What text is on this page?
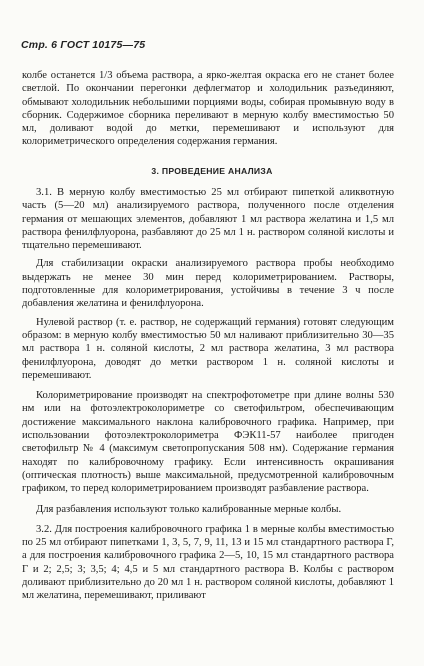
Стр. 6 ГОСТ 10175—75

колбе останется 1/3 объема раствора, а ярко-желтая окраска его не станет более светлой. По окончании перегонки дефлегматор и холодильник разъединяют, обмывают холодильник небольшими порциями воды, собирая промывную воду в сборник. Содержимое сборника переливают в мерную колбу вместимостью 50 мл, доливают водой до метки, перемешивают и используют для колориметрического определения содержания германия.

3. ПРОВЕДЕНИЕ АНАЛИЗА

3.1. В мерную колбу вместимостью 25 мл отбирают пипеткой аликвотную часть (5—20 мл) анализируемого раствора, полученного после отделения германия от мешающих элементов, добавляют 1 мл раствора желатина и 1,5 мл раствора фенилфлуорона, разбавляют до 25 мл 1 н. раствором соляной кислоты и тщательно перемешивают.

Для стабилизации окраски анализируемого раствора пробы необходимо выдержать не менее 30 мин перед колориметрированием. Растворы, подготовленные для колориметрирования, устойчивы в течение 3 ч после добавления желатина и фенилфлуорона.

Нулевой раствор (т. е. раствор, не содержащий германия) готовят следующим образом: в мерную колбу вместимостью 50 мл наливают приблизительно 30—35 мл раствора 1 н. соляной кислоты, 2 мл раствора желатина, 3 мл раствора фенилфлуорона, доводят до метки раствором 1 н. соляной кислоты и перемешивают.

Колориметрирование производят на спектрофотометре при длине волны 530 нм или на фотоэлектроколориметре со светофильтром, обеспечивающим достижение максимального наклона калибровочного графика. Например, при использовании фотоэлектроколориметра ФЭК11-57 наиболее пригоден светофильтр № 4 (максимум светопропускания 508 нм). Содержание германия находят по калибровочному графику. Если интенсивность окрашивания (оптическая плотность) выше максимальной, предусмотренной калибровочным графиком, то перед колориметрированием производят разбавление раствора.

Для разбавления используют только калиброванные мерные колбы.

3.2. Для построения калибровочного графика 1 в мерные колбы вместимостью по 25 мл отбирают пипетками 1, 3, 5, 7, 9, 11, 13 и 15 мл стандартного раствора Г, а для построения калибровочного графика 2—5, 10, 15 мл стандартного раствора Г и 2; 2,5; 3; 3,5; 4; 4,5 и 5 мл стандартного раствора В. Колбы с раствором доливают приблизительно до 20 мл 1 н. раствором соляной кислоты, добавляют 1 мл желатина, перемешивают, приливают
